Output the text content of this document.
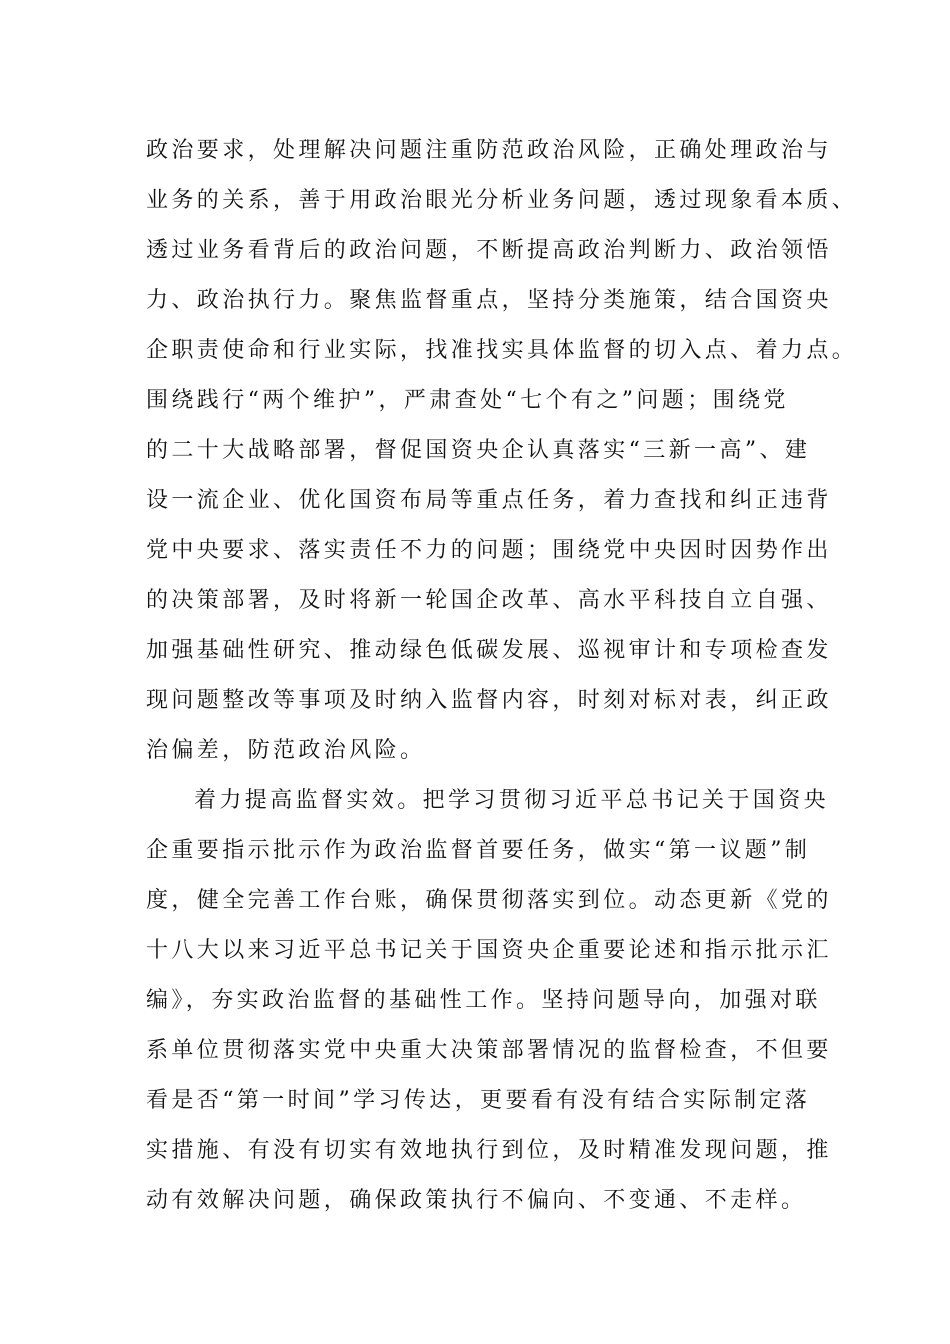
政治要求，处理解决问题注重防范政治风险，正确处理政治与
业务的关系，善于用政治眼光分析业务问题，透过现象看本质、
透过业务看背后的政治问题，不断提高政治判断力、政治领悟
力、政治执行力。聚焦监督重点，坚持分类施策，结合国资央
企职责使命和行业实际，找准找实具体监督的切入点、着力点。
围绕践行“两个维护”，严肃查处“七个有之”问题；围绕党
的二十大战略部署，督促国资央企认真落实“三新一高”、建
设一流企业、优化国资布局等重点任务，着力查找和纠正违背
党中央要求、落实责任不力的问题；围绕党中央因时因势作出
的决策部署，及时将新一轮国企改革、高水平科技自立自强、
加强基础性研究、推动绿色低碳发展、巡视审计和专项检查发
现问题整改等事项及时纳入监督内容，时刻对标对表，纠正政
治偏差，防范政治风险。
着力提高监督实效。把学习贯彻习近平总书记关于国资央
企重要指示批示作为政治监督首要任务，做实“第一议题”制
度，健全完善工作台账，确保贯彻落实到位。动态更新《党的
十八大以来习近平总书记关于国资央企重要论述和指示批示汇
编》，夯实政治监督的基础性工作。坚持问题导向，加强对联
系单位贯彻落实党中央重大决策部署情况的监督检查，不但要
看是否“第一时间”学习传达，更要看有没有结合实际制定落
实措施、有没有切实有效地执行到位，及时精准发现问题，推
动有效解决问题，确保政策执行不偏向、不变通、不走样。
